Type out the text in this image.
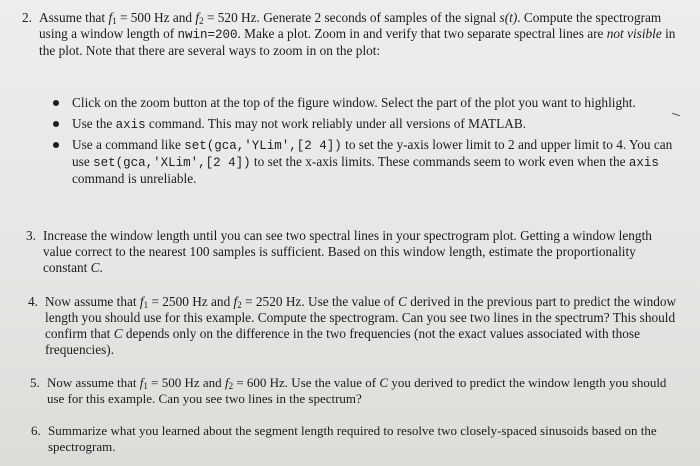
2. Assume that $f_1 = 500$ Hz and $f_2 = 520$ Hz. Generate 2 seconds of samples of the signal s(t). Compute the spectrogram using a window length of nwin=200. Make a plot. Zoom in and verify that two separate spectral lines are not visible in the plot. Note that there are several ways to zoom in on the plot:
Click on the zoom button at the top of the figure window. Select the part of the plot you want to highlight.
Use the axis command. This may not work reliably under all versions of MATLAB.
Use a command like set(gca,'YLim',[2 4]) to set the y-axis lower limit to 2 and upper limit to 4. You can use set(gca,'XLim',[2 4]) to set the x-axis limits. These commands seem to work even when the axis command is unreliable.
3. Increase the window length until you can see two spectral lines in your spectrogram plot. Getting a window length value correct to the nearest 100 samples is sufficient. Based on this window length, estimate the proportionality constant C.
4. Now assume that $f_1 = 2500$ Hz and $f_2 = 2520$ Hz. Use the value of C derived in the previous part to predict the window length you should use for this example. Compute the spectrogram. Can you see two lines in the spectrum? This should confirm that C depends only on the difference in the two frequencies (not the exact values associated with those frequencies).
5. Now assume that $f_1 = 500$ Hz and $f_2 = 600$ Hz. Use the value of C you derived to predict the window length you should use for this example. Can you see two lines in the spectrum?
6. Summarize what you learned about the segment length required to resolve two closely-spaced sinusoids based on the spectrogram.
